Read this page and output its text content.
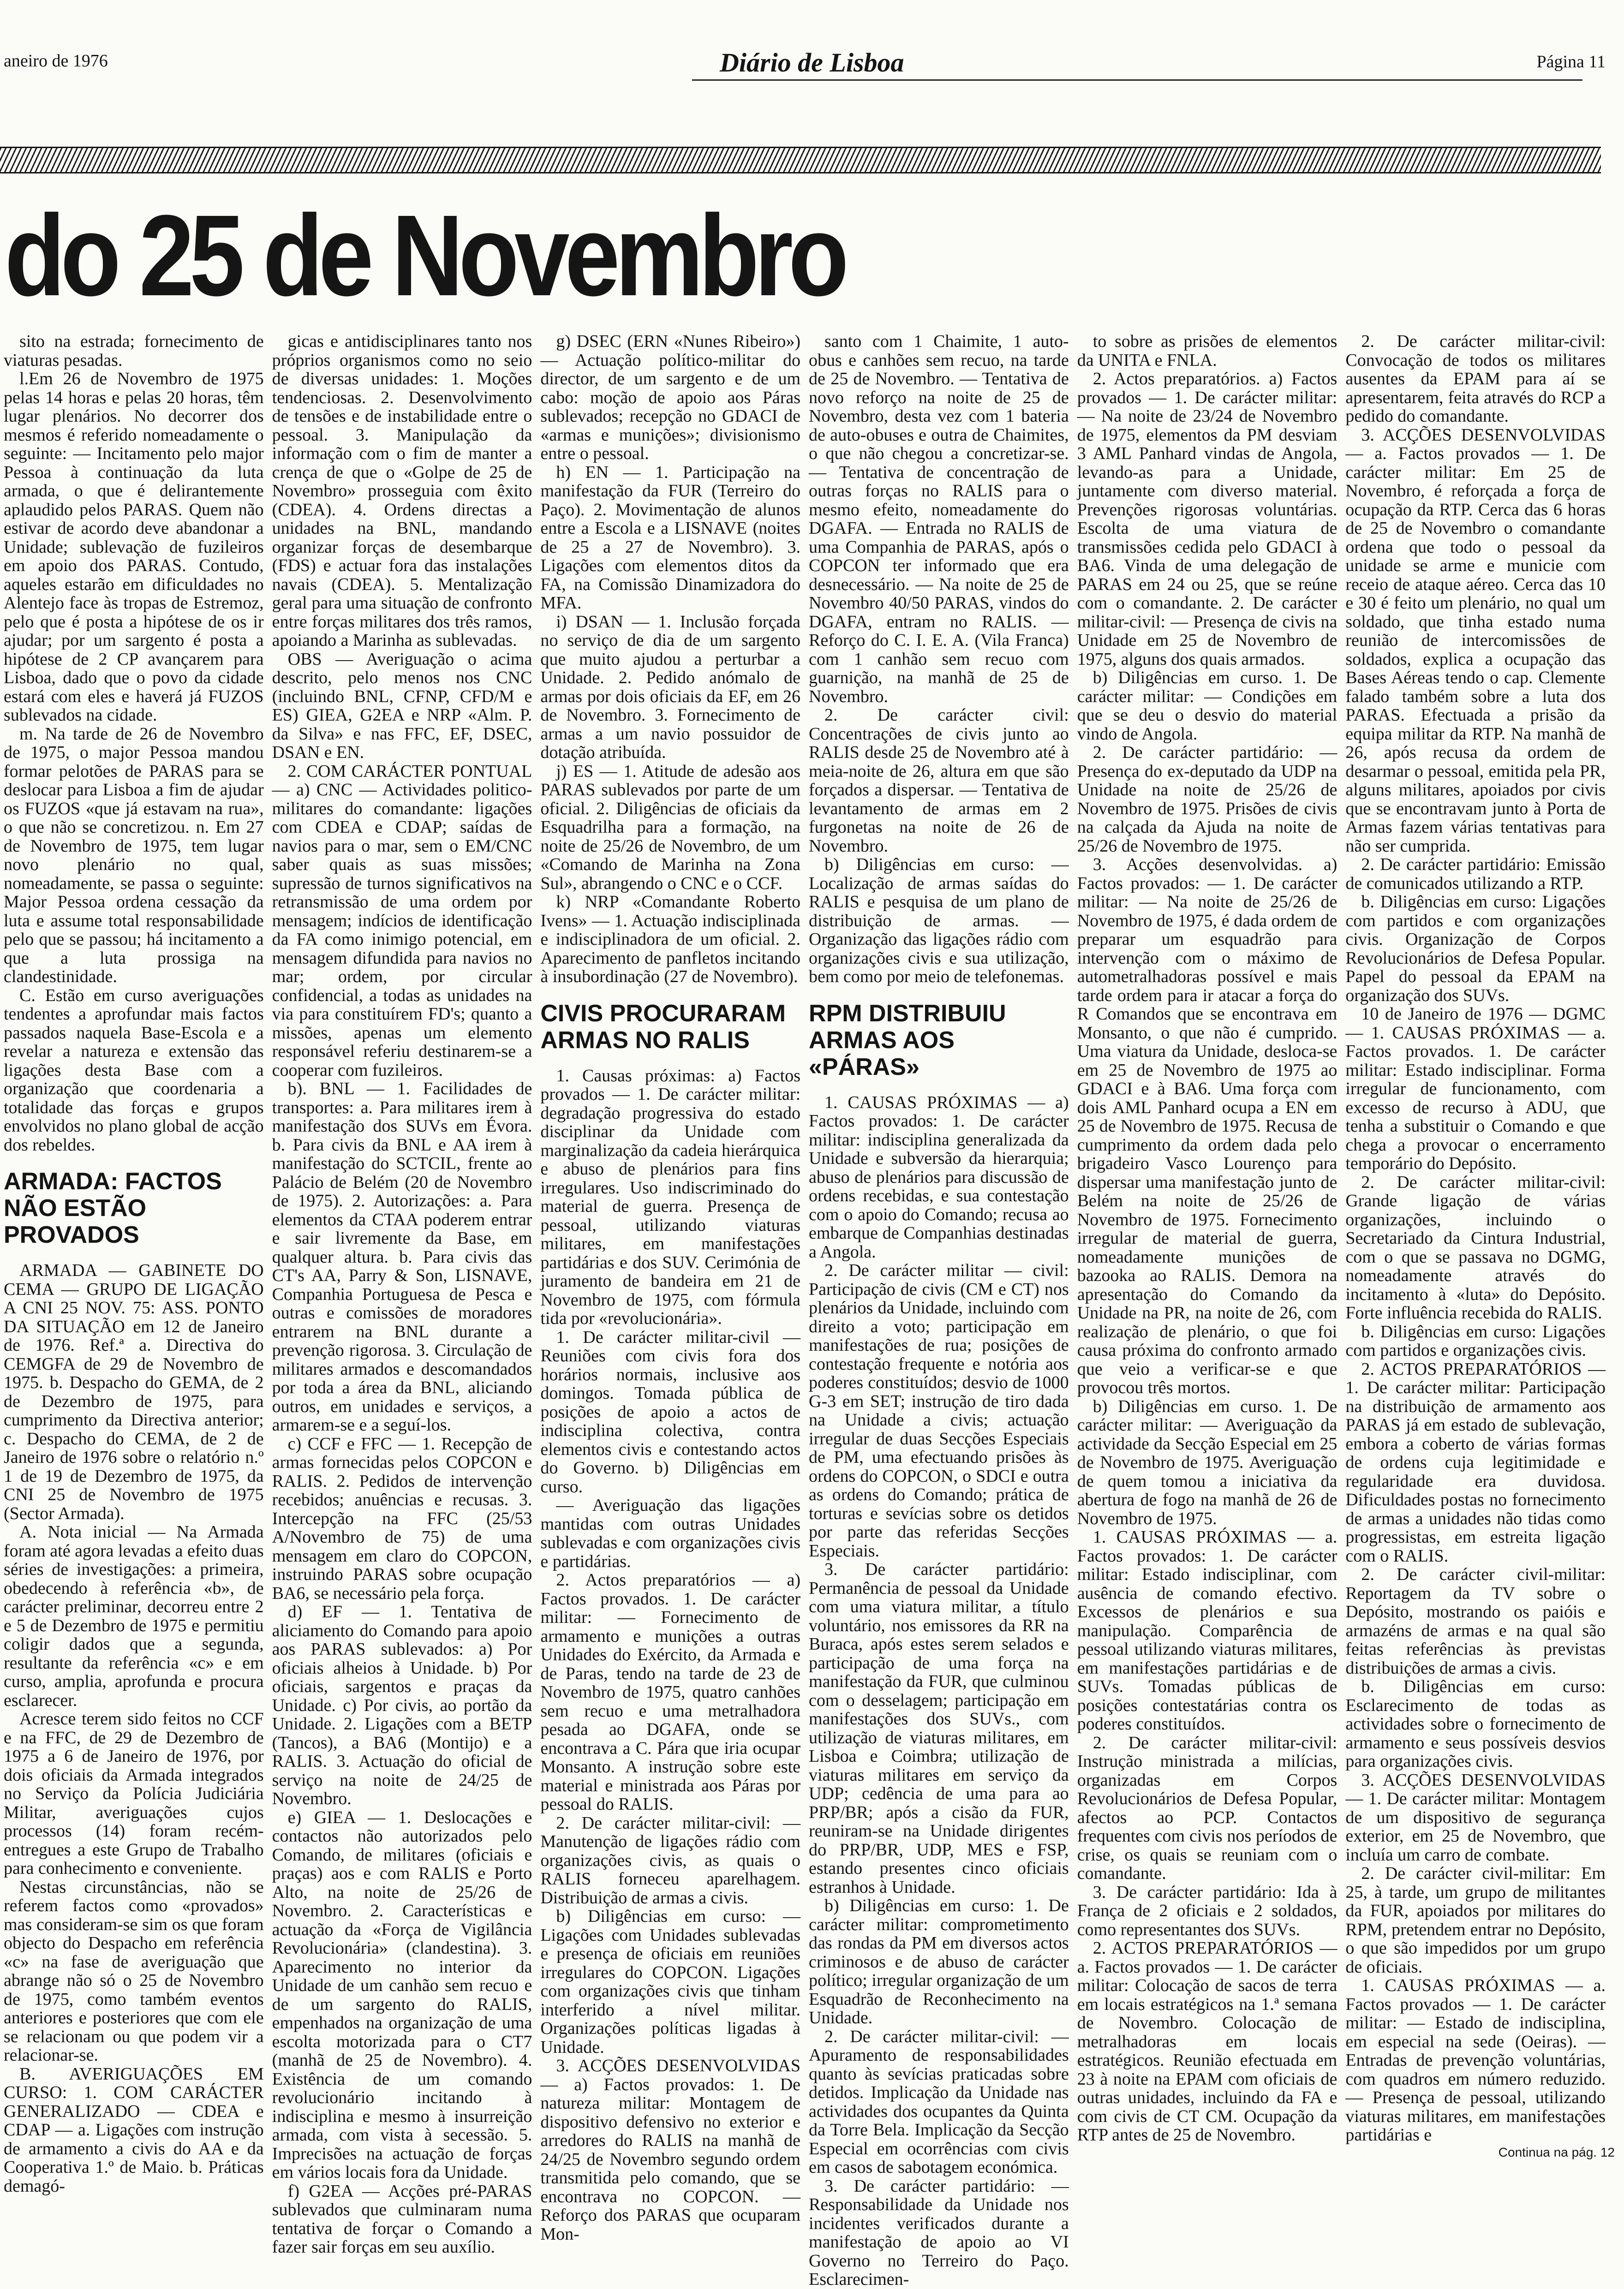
aneiro de 1976	Diário de Lisboa	Página 11
do 25 de Novembro

sito na estrada; fornecimento de viaturas pesadas.

l.Em 26 de Novembro de 1975 pelas 14 horas e pelas 20 horas, têm lugar plenários. No decorrer dos mesmos é referido nomeadamente o seguinte: — Incitamento pelo major Pessoa à continuação da luta armada, o que é delirantemente aplaudido pelos PARAS. Quem não estivar de acordo deve abandonar a Unidade; sublevação de fuzileiros em apoio dos PARAS. Contudo, aqueles estarão em dificuldades no Alentejo face às tropas de Estremoz, pelo que é posta a hipótese de os ir ajudar; por um sargento é posta a hipótese de 2 CP avançarem para Lisboa, dado que o povo da cidade estará com eles e haverá já FUZOS sublevados na cidade.

m. Na tarde de 26 de Novembro de 1975, o major Pessoa mandou formar pelotões de PARAS para se deslocar para Lisboa a fim de ajudar os FUZOS «que já estavam na rua», o que não se concretizou. n. Em 27 de Novembro de 1975, tem lugar novo plenário no qual, nomeadamente, se passa o seguinte: Major Pessoa ordena cessação da luta e assume total responsabilidade pelo que se passou; há incitamento a que a luta prossiga na clandestinidade.

C. Estão em curso averiguações tendentes a aprofundar mais factos passados naquela Base-Escola e a revelar a natureza e extensão das ligações desta Base com a organização que coordenaria a totalidade das forças e grupos envolvidos no plano global de acção dos rebeldes.

ARMADA: FACTOS NÃO ESTÃO PROVADOS

ARMADA — GABINETE DO CEMA — GRUPO DE LIGAÇÃO A CNI 25 NOV. 75: ASS. PONTO DA SITUAÇÃO em 12 de Janeiro de 1976. Ref.ª a. Directiva do CEMGFA de 29 de Novembro de 1975. b. Despacho do GEMA, de 2 de Dezembro de 1975, para cumprimento da Directiva anterior; c. Despacho do CEMA, de 2 de Janeiro de 1976 sobre o relatório n.º 1 de 19 de Dezembro de 1975, da CNI 25 de Novembro de 1975 (Sector Armada).

A. Nota inicial — Na Armada foram até agora levadas a efeito duas séries de investigações: a primeira, obedecendo à referência «b», de carácter preliminar, decorreu entre 2 e 5 de Dezembro de 1975 e permitiu coligir dados que a segunda, resultante da referência «c» e em curso, amplia, aprofunda e procura esclarecer.

Acresce terem sido feitos no CCF e na FFC, de 29 de Dezembro de 1975 a 6 de Janeiro de 1976, por dois oficiais da Armada integrados no Serviço da Polícia Judiciária Militar, averiguações cujos processos (14) foram recém-entregues a este Grupo de Trabalho para conhecimento e conveniente.

Nestas circunstâncias, não se referem factos como «provados» mas consideram-se sim os que foram objecto do Despacho em referência «c» na fase de averiguação que abrange não só o 25 de Novembro de 1975, como também eventos anteriores e posteriores que com ele se relacionam ou que podem vir a relacionar-se.

B. AVERIGUAÇÕES EM CURSO: 1. COM CARÁCTER GENERALIZADO — CDEA e CDAP — a. Ligações com instrução de armamento a civis do AA e da Cooperativa 1.º de Maio. b. Práticas demagó-

gicas e antidisciplinares tanto nos próprios organismos como no seio de diversas unidades: 1. Moções tendenciosas. 2. Desenvolvimento de tensões e de instabilidade entre o pessoal. 3. Manipulação da informação com o fim de manter a crença de que o «Golpe de 25 de Novembro» prosseguia com êxito (CDEA). 4. Ordens directas a unidades na BNL, mandando organizar forças de desembarque (FDS) e actuar fora das instalações navais (CDEA). 5. Mentalização geral para uma situação de confronto entre forças militares dos três ramos, apoiando a Marinha as sublevadas.

OBS — Averiguação o acima descrito, pelo menos nos CNC (incluindo BNL, CFNP, CFD/M e ES) GIEA, G2EA e NRP «Alm. P. da Silva» e nas FFC, EF, DSEC, DSAN e EN.

2. COM CARÁCTER PONTUAL — a) CNC — Actividades politico-militares do comandante: ligações com CDEA e CDAP; saídas de navios para o mar, sem o EM/CNC saber quais as suas missões; supressão de turnos significativos na retransmissão de uma ordem por mensagem; indícios de identificação da FA como inimigo potencial, em mensagem difundida para navios no mar; ordem, por circular confidencial, a todas as unidades na via para constituírem FD's; quanto a missões, apenas um elemento responsável referiu destinarem-se a cooperar com fuzileiros.

b). BNL — 1. Facilidades de transportes: a. Para militares irem à manifestação dos SUVs em Évora. b. Para civis da BNL e AA irem à manifestação do SCTCIL, frente ao Palácio de Belém (20 de Novembro de 1975). 2. Autorizações: a. Para elementos da CTAA poderem entrar e sair livremente da Base, em qualquer altura. b. Para civis das CT's AA, Parry & Son, LISNAVE, Companhia Portuguesa de Pesca e outras e comissões de moradores entrarem na BNL durante a prevenção rigorosa. 3. Circulação de militares armados e descomandados por toda a área da BNL, aliciando outros, em unidades e serviços, a armarem-se e a seguí-los.

c) CCF e FFC — 1. Recepção de armas fornecidas pelos COPCON e RALIS. 2. Pedidos de intervenção recebidos; anuências e recusas. 3. Intercepção na FFC (25/53 A/Novembro de 75) de uma mensagem em claro do COPCON, instruindo PARAS sobre ocupação BA6, se necessário pela força.

d) EF — 1. Tentativa de aliciamento do Comando para apoio aos PARAS sublevados: a) Por oficiais alheios à Unidade. b) Por oficiais, sargentos e praças da Unidade. c) Por civis, ao portão da Unidade. 2. Ligações com a BETP (Tancos), a BA6 (Montijo) e a RALIS. 3. Actuação do oficial de serviço na noite de 24/25 de Novembro.

e) GIEA — 1. Deslocações e contactos não autorizados pelo Comando, de militares (oficiais e praças) aos e com RALIS e Porto Alto, na noite de 25/26 de Novembro. 2. Características e actuação da «Força de Vigilância Revolucionária» (clandestina). 3. Aparecimento no interior da Unidade de um canhão sem recuo e de um sargento do RALIS, empenhados na organização de uma escolta motorizada para o CT7 (manhã de 25 de Novembro). 4. Existência de um comando revolucionário incitando à indisciplina e mesmo à insurreição armada, com vista à secessão. 5. Imprecisões na actuação de forças em vários locais fora da Unidade.

f) G2EA — Acções pré-PARAS sublevados que culminaram numa tentativa de forçar o Comando a fazer sair forças em seu auxílio.

g) DSEC (ERN «Nunes Ribeiro») — Actuação político-militar do director, de um sargento e de um cabo: moção de apoio aos Páras sublevados; recepção no GDACI de «armas e munições»; divisionismo entre o pessoal.

h) EN — 1. Participação na manifestação da FUR (Terreiro do Paço). 2. Movimentação de alunos entre a Escola e a LISNAVE (noites de 25 a 27 de Novembro). 3. Ligações com elementos ditos da FA, na Comissão Dinamizadora do MFA.

i) DSAN — 1. Inclusão forçada no serviço de dia de um sargento que muito ajudou a perturbar a Unidade. 2. Pedido anómalo de armas por dois oficiais da EF, em 26 de Novembro. 3. Fornecimento de armas a um navio possuidor de dotação atribuída.

j) ES — 1. Atitude de adesão aos PARAS sublevados por parte de um oficial. 2. Diligências de oficiais da Esquadrilha para a formação, na noite de 25/26 de Novembro, de um «Comando de Marinha na Zona Sul», abrangendo o CNC e o CCF.

k) NRP «Comandante Roberto Ivens» — 1. Actuação indisciplinada e indisciplinadora de um oficial. 2. Aparecimento de panfletos incitando à insubordinação (27 de Novembro).

CIVIS PROCURARAM ARMAS NO RALIS

1. Causas próximas: a) Factos provados — 1. De carácter militar: degradação progressiva do estado disciplinar da Unidade com marginalização da cadeia hierárquica e abuso de plenários para fins irregulares. Uso indiscriminado do material de guerra. Presença de pessoal, utilizando viaturas militares, em manifestações partidárias e dos SUV. Cerimónia de juramento de bandeira em 21 de Novembro de 1975, com fórmula tida por «revolucionária».

1. De carácter militar-civil — Reuniões com civis fora dos horários normais, inclusive aos domingos. Tomada pública de posições de apoio a actos de indisciplina colectiva, contra elementos civis e contestando actos do Governo. b) Diligências em curso.

— Averiguação das ligações mantidas com outras Unidades sublevadas e com organizações civis e partidárias.

2. Actos preparatórios — a) Factos provados. 1. De carácter militar: — Fornecimento de armamento e munições a outras Unidades do Exército, da Armada e de Paras, tendo na tarde de 23 de Novembro de 1975, quatro canhões sem recuo e uma metralhadora pesada ao DGAFA, onde se encontrava a C. Pára que iria ocupar Monsanto. A instrução sobre este material e ministrada aos Páras por pessoal do RALIS.

2. De carácter militar-civil: — Manutenção de ligações rádio com organizações civis, as quais o RALIS forneceu aparelhagem. Distribuição de armas a civis.

b) Diligências em curso: — Ligações com Unidades sublevadas e presença de oficiais em reuniões irregulares do COPCON. Ligações com organizações civis que tinham interferido a nível militar. Organizações políticas ligadas à Unidade.

3. ACÇÕES DESENVOLVIDAS — a) Factos provados: 1. De natureza militar: Montagem de dispositivo defensivo no exterior e arredores do RALIS na manhã de 24/25 de Novembro segundo ordem transmitida pelo comando, que se encontrava no COPCON. — Reforço dos PARAS que ocuparam Mon-

santo com 1 Chaimite, 1 auto-obus e canhões sem recuo, na tarde de 25 de Novembro. — Tentativa de novo reforço na noite de 25 de Novembro, desta vez com 1 bateria de auto-obuses e outra de Chaimites, o que não chegou a concretizar-se. — Tentativa de concentração de outras forças no RALIS para o mesmo efeito, nomeadamente do DGAFA. — Entrada no RALIS de uma Companhia de PARAS, após o COPCON ter informado que era desnecessário. — Na noite de 25 de Novembro 40/50 PARAS, vindos do DGAFA, entram no RALIS. — Reforço do C. I. E. A. (Vila Franca) com 1 canhão sem recuo com guarnição, na manhã de 25 de Novembro.

2. De carácter civil: Concentrações de civis junto ao RALIS desde 25 de Novembro até à meia-noite de 26, altura em que são forçados a dispersar. — Tentativa de levantamento de armas em 2 furgonetas na noite de 26 de Novembro.

b) Diligências em curso: — Localização de armas saídas do RALIS e pesquisa de um plano de distribuição de armas. — Organização das ligações rádio com organizações civis e sua utilização, bem como por meio de telefonemas.

RPM DISTRIBUIU ARMAS AOS «PÁRAS»

1. CAUSAS PRÓXIMAS — a) Factos provados: 1. De carácter militar: indisciplina generalizada da Unidade e subversão da hierarquia; abuso de plenários para discussão de ordens recebidas, e sua contestação com o apoio do Comando; recusa ao embarque de Companhias destinadas a Angola.

2. De carácter militar — civil: Participação de civis (CM e CT) nos plenários da Unidade, incluindo com direito a voto; participação em manifestações de rua; posições de contestação frequente e notória aos poderes constituídos; desvio de 1000 G-3 em SET; instrução de tiro dada na Unidade a civis; actuação irregular de duas Secções Especiais de PM, uma efectuando prisões às ordens do COPCON, o SDCI e outra as ordens do Comando; prática de torturas e sevícias sobre os detidos por parte das referidas Secções Especiais.

3. De carácter partidário: Permanência de pessoal da Unidade com uma viatura militar, a título voluntário, nos emissores da RR na Buraca, após estes serem selados e participação de uma força na manifestação da FUR, que culminou com o desselagem; participação em manifestações dos SUVs., com utilização de viaturas militares, em Lisboa e Coimbra; utilização de viaturas militares em serviço da UDP; cedência de uma para ao PRP/BR; após a cisão da FUR, reuniram-se na Unidade dirigentes do PRP/BR, UDP, MES e FSP, estando presentes cinco oficiais estranhos à Unidade.

b) Diligências em curso: 1. De carácter militar: comprometimento das rondas da PM em diversos actos criminosos e de abuso de carácter político; irregular organização de um Esquadrão de Reconhecimento na Unidade.

2. De carácter militar-civil: — Apuramento de responsabilidades quanto às sevícias praticadas sobre detidos. Implicação da Unidade nas actividades dos ocupantes da Quinta da Torre Bela. Implicação da Secção Especial em ocorrências com civis em casos de sabotagem económica.

3. De carácter partidário: — Responsabilidade da Unidade nos incidentes verificados durante a manifestação de apoio ao VI Governo no Terreiro do Paço. Esclarecimen-

to sobre as prisões de elementos da UNITA e FNLA.

2. Actos preparatórios. a) Factos provados — 1. De carácter militar: — Na noite de 23/24 de Novembro de 1975, elementos da PM desviam 3 AML Panhard vindas de Angola, levando-as para a Unidade, juntamente com diverso material. Prevenções rigorosas voluntárias. Escolta de uma viatura de transmissões cedida pelo GDACI à BA6. Vinda de uma delegação de PARAS em 24 ou 25, que se reúne com o comandante. 2. De carácter militar-civil: — Presença de civis na Unidade em 25 de Novembro de 1975, alguns dos quais armados.

b) Diligências em curso. 1. De carácter militar: — Condições em que se deu o desvio do material vindo de Angola.

2. De carácter partidário: — Presença do ex-deputado da UDP na Unidade na noite de 25/26 de Novembro de 1975. Prisões de civis na calçada da Ajuda na noite de 25/26 de Novembro de 1975.

3. Acções desenvolvidas. a) Factos provados: — 1. De carácter militar: — Na noite de 25/26 de Novembro de 1975, é dada ordem de preparar um esquadrão para intervenção com o máximo de autometralhadoras possível e mais tarde ordem para ir atacar a força do R Comandos que se encontrava em Monsanto, o que não é cumprido. Uma viatura da Unidade, desloca-se em 25 de Novembro de 1975 ao GDACI e à BA6. Uma força com dois AML Panhard ocupa a EN em 25 de Novembro de 1975. Recusa de cumprimento da ordem dada pelo brigadeiro Vasco Lourenço para dispersar uma manifestação junto de Belém na noite de 25/26 de Novembro de 1975. Fornecimento irregular de material de guerra, nomeadamente munições de bazooka ao RALIS. Demora na apresentação do Comando da Unidade na PR, na noite de 26, com realização de plenário, o que foi causa próxima do confronto armado que veio a verificar-se e que provocou três mortos.

b) Diligências em curso. 1. De carácter militar: — Averiguação da actividade da Secção Especial em 25 de Novembro de 1975. Averiguação de quem tomou a iniciativa da abertura de fogo na manhã de 26 de Novembro de 1975.

1. CAUSAS PRÓXIMAS — a. Factos provados: 1. De carácter militar: Estado indisciplinar, com ausência de comando efectivo. Excessos de plenários e sua manipulação. Comparência de pessoal utilizando viaturas militares, em manifestações partidárias e de SUVs. Tomadas públicas de posições contestatárias contra os poderes constituídos.

2. De carácter militar-civil: Instrução ministrada a milícias, organizadas em Corpos Revolucionários de Defesa Popular, afectos ao PCP. Contactos frequentes com civis nos períodos de crise, os quais se reuniam com o comandante.

3. De carácter partidário: Ida à França de 2 oficiais e 2 soldados, como representantes dos SUVs.

2. ACTOS PREPARATÓRIOS — a. Factos provados — 1. De carácter militar: Colocação de sacos de terra em locais estratégicos na 1.ª semana de Novembro. Colocação de metralhadoras em locais estratégicos. Reunião efectuada em 23 à noite na EPAM com oficiais de outras unidades, incluindo da FA e com civis de CT CM. Ocupação da RTP antes de 25 de Novembro.

2. De carácter militar-civil: Convocação de todos os militares ausentes da EPAM para aí se apresentarem, feita através do RCP a pedido do comandante.

3. ACÇÕES DESENVOLVIDAS — a. Factos provados — 1. De carácter militar: Em 25 de Novembro, é reforçada a força de ocupação da RTP. Cerca das 6 horas de 25 de Novembro o comandante ordena que todo o pessoal da unidade se arme e municie com receio de ataque aéreo. Cerca das 10 e 30 é feito um plenário, no qual um soldado, que tinha estado numa reunião de intercomissões de soldados, explica a ocupação das Bases Aéreas tendo o cap. Clemente falado também sobre a luta dos PARAS. Efectuada a prisão da equipa militar da RTP. Na manhã de 26, após recusa da ordem de desarmar o pessoal, emitida pela PR, alguns militares, apoiados por civis que se encontravam junto à Porta de Armas fazem várias tentativas para não ser cumprida.

2. De carácter partidário: Emissão de comunicados utilizando a RTP.

b. Diligências em curso: Ligações com partidos e com organizações civis. Organização de Corpos Revolucionários de Defesa Popular. Papel do pessoal da EPAM na organização dos SUVs.

10 de Janeiro de 1976 — DGMC — 1. CAUSAS PRÓXIMAS — a. Factos provados. 1. De carácter militar: Estado indisciplinar. Forma irregular de funcionamento, com excesso de recurso à ADU, que tenha a substituir o Comando e que chega a provocar o encerramento temporário do Depósito.

2. De carácter militar-civil: Grande ligação de várias organizações, incluindo o Secretariado da Cintura Industrial, com o que se passava no DGMG, nomeadamente através do incitamento à «luta» do Depósito. Forte influência recebida do RALIS.

b. Diligências em curso: Ligações com partidos e organizações civis.

2. ACTOS PREPARATÓRIOS — 1. De carácter militar: Participação na distribuição de armamento aos PARAS já em estado de sublevação, embora a coberto de várias formas de ordens cuja legitimidade e regularidade era duvidosa. Dificuldades postas no fornecimento de armas a unidades não tidas como progressistas, em estreita ligação com o RALIS.

2. De carácter civil-militar: Reportagem da TV sobre o Depósito, mostrando os paióis e armazéns de armas e na qual são feitas referências às previstas distribuições de armas a civis.

b. Diligências em curso: Esclarecimento de todas as actividades sobre o fornecimento de armamento e seus possíveis desvios para organizações civis.

3. ACÇÕES DESENVOLVIDAS — 1. De carácter militar: Montagem de um dispositivo de segurança exterior, em 25 de Novembro, que incluía um carro de combate.

2. De carácter civil-militar: Em 25, à tarde, um grupo de militantes da FUR, apoiados por militares do RPM, pretendem entrar no Depósito, o que são impedidos por um grupo de oficiais.

1. CAUSAS PRÓXIMAS — a. Factos provados — 1. De carácter militar: — Estado de indisciplina, em especial na sede (Oeiras). — Entradas de prevenção voluntárias, com quadros em número reduzido. — Presença de pessoal, utilizando viaturas militares, em manifestações partidárias e

Continua na pág. 12
